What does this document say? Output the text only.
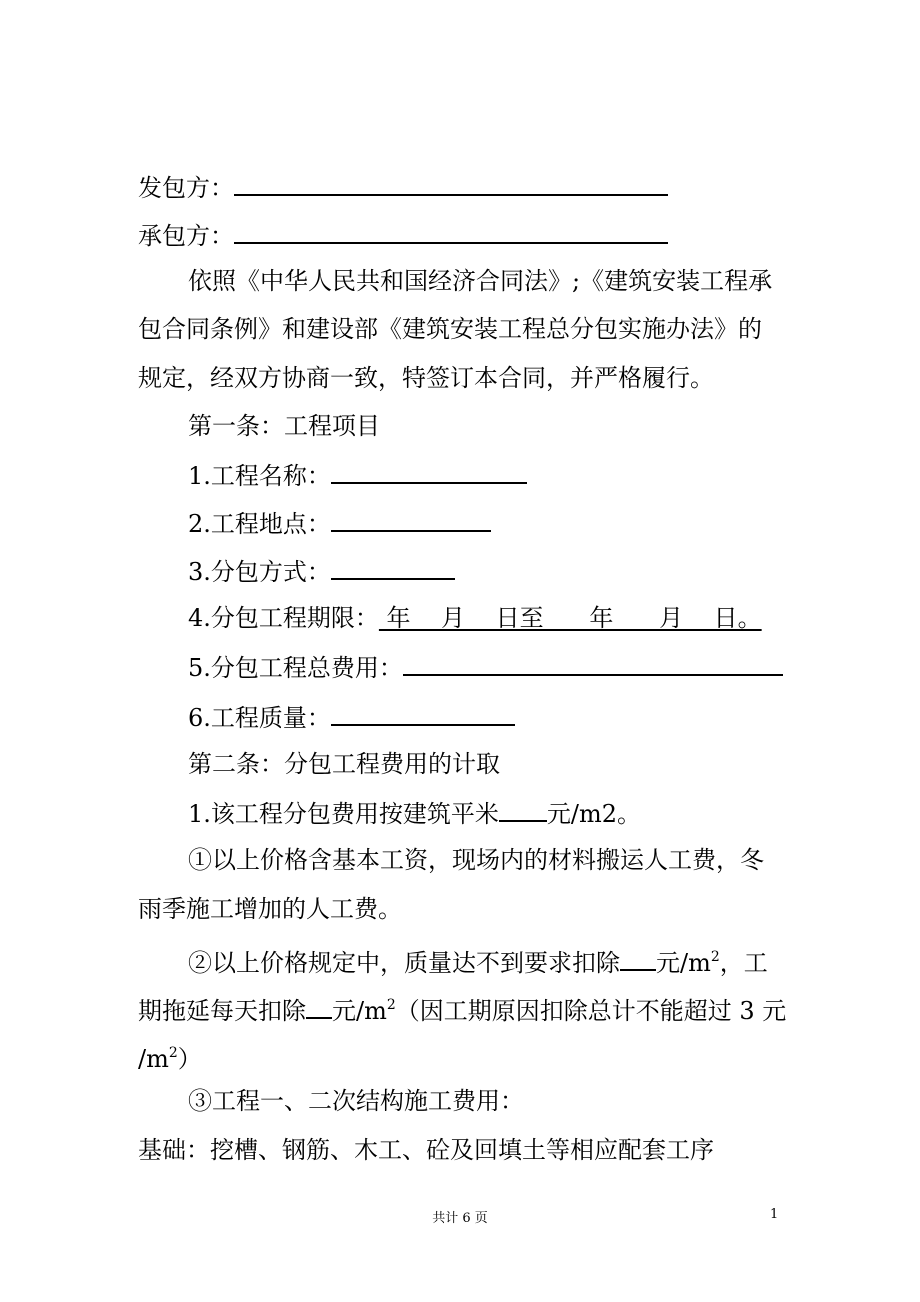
发包方：
承包方：
依照《中华人民共和国经济合同法》;《建筑安装工程承
包合同条例》和建设部《建筑安装工程总分包实施办法》的
规定，经双方协商一致，特签订本合同，并严格履行。
第一条：工程项目
1.工程名称：
2.工程地点：
3.分包方式：
4.分包工程期限： 年    月    日至      年      月    日。
5.分包工程总费用：
6.工程质量：
第二条：分包工程费用的计取
1.该工程分包费用按建筑平米 元/m2。
①以上价格含基本工资，现场内的材料搬运人工费，冬
雨季施工增加的人工费。
②以上价格规定中，质量达不到要求扣除 元$/m^2$，工
期拖延每天扣除 元$/m^2$（因工期原因扣除总计不能超过 3 元
$/m^2$）
③工程一、二次结构施工费用：
基础：挖槽、钢筋、木工、砼及回填土等相应配套工序
共计 6 页	1
